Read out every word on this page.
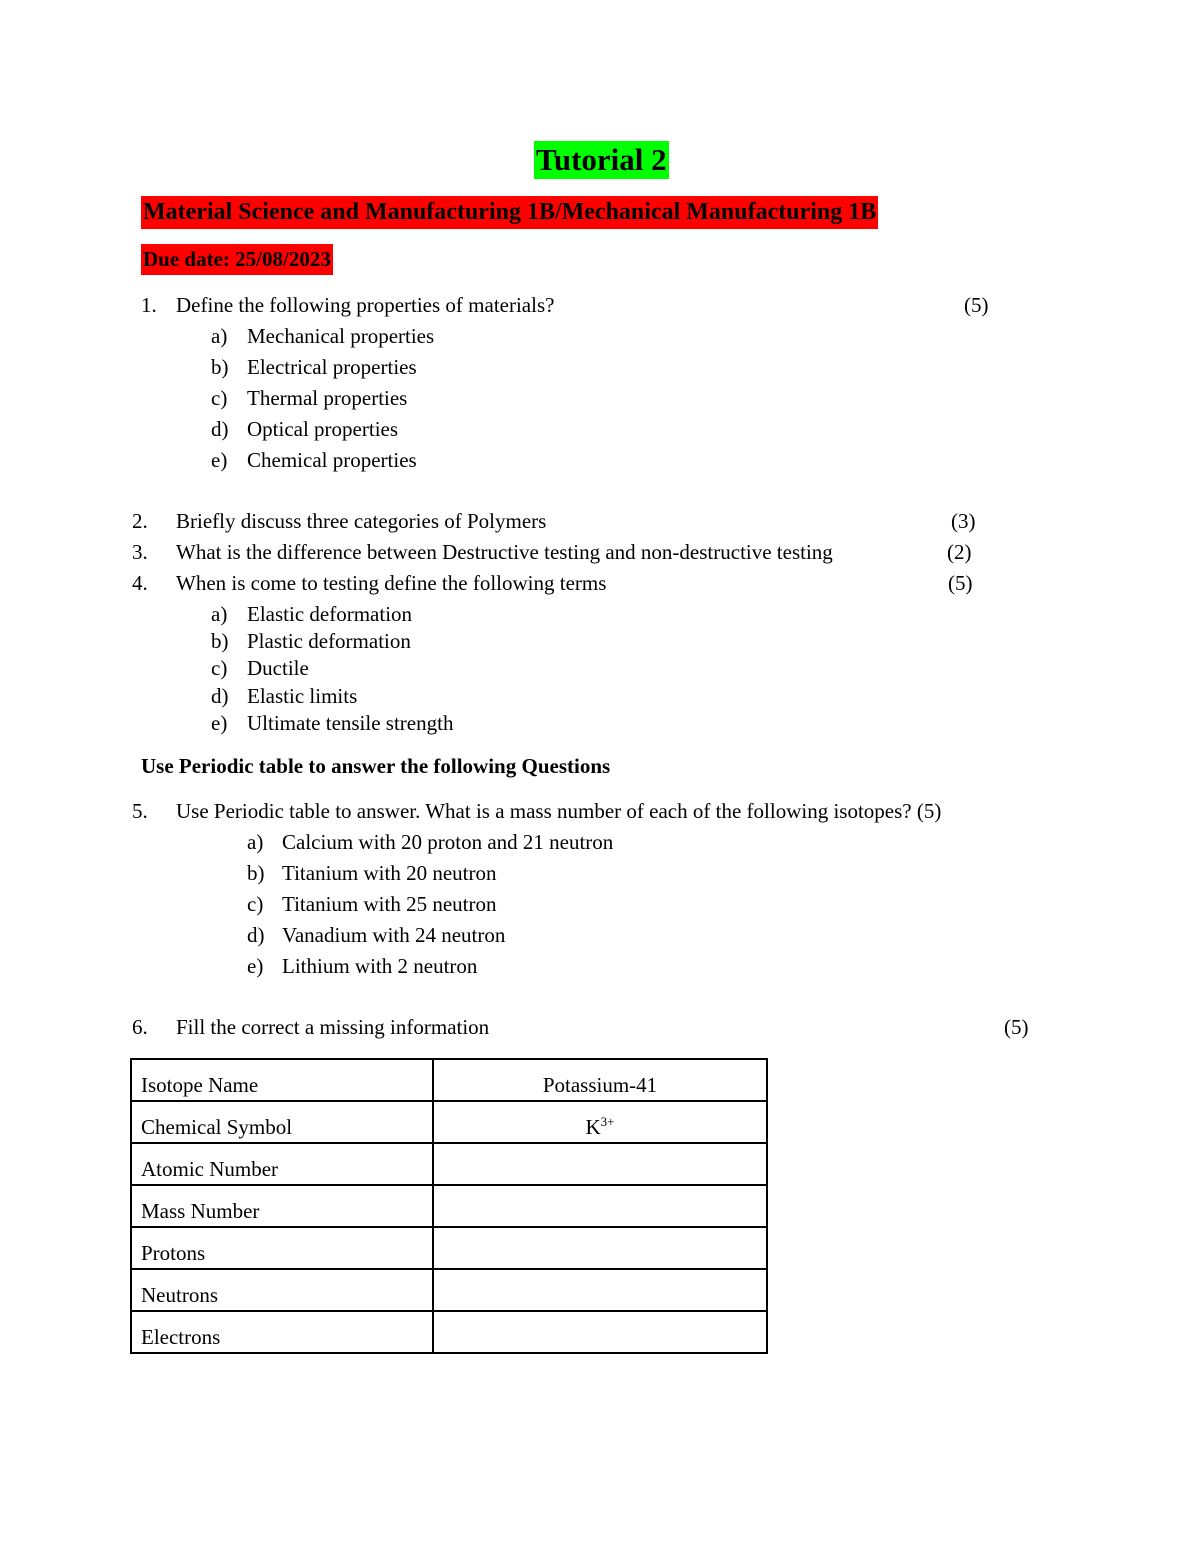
Tutorial 2
Material Science and Manufacturing 1B/Mechanical Manufacturing 1B
Due date: 25/08/2023
1. Define the following properties of materials?	(5)
a) Mechanical properties
b) Electrical properties
c) Thermal properties
d) Optical properties
e) Chemical properties
2. Briefly discuss three categories of Polymers	(3)
3. What is the difference between Destructive testing and non-destructive testing	(2)
4. When is come to testing define the following terms	(5)
a) Elastic deformation
b) Plastic deformation
c) Ductile
d) Elastic limits
e) Ultimate tensile strength
Use Periodic table to answer the following Questions
5. Use Periodic table to answer. What is a mass number of each of the following isotopes? (5)
a) Calcium with 20 proton and 21 neutron
b) Titanium with 20 neutron
c) Titanium with 25 neutron
d) Vanadium with 24 neutron
e) Lithium with 2 neutron
6. Fill the correct a missing information	(5)
Isotope Name	Potassium-41
Chemical Symbol	$K^{3+}$
Atomic Number	
Mass Number	
Protons	
Neutrons	
Electrons	
